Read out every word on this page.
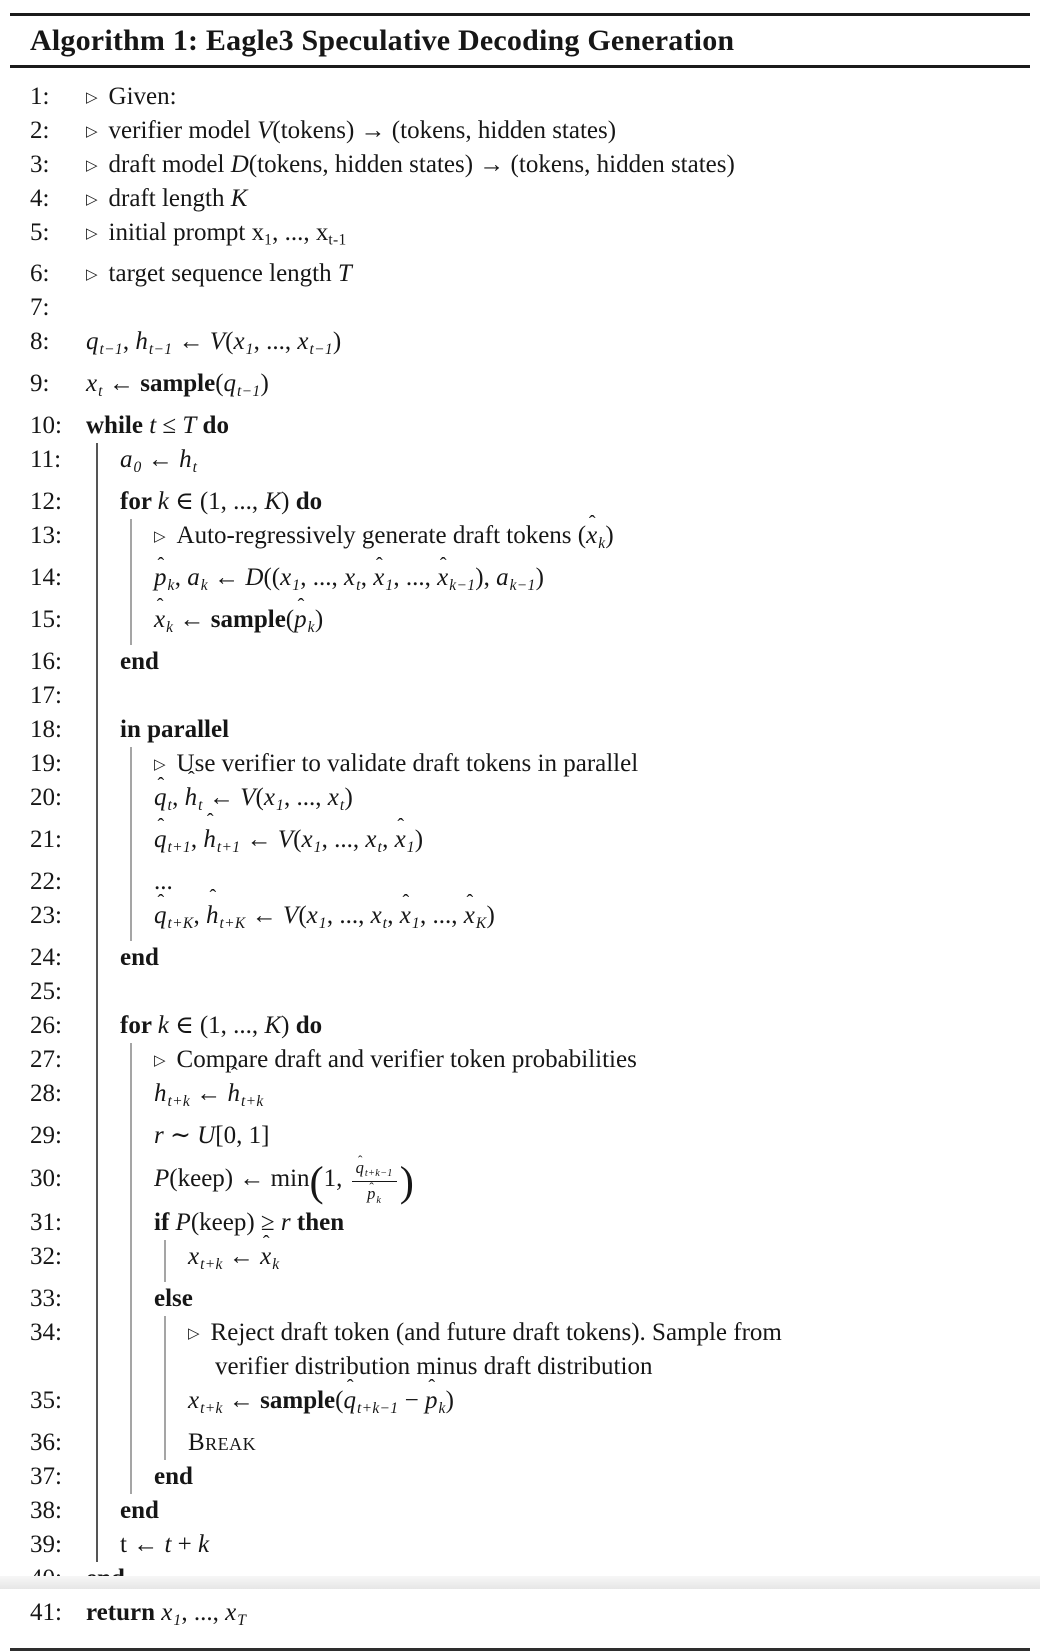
Algorithm 1: Eagle3 Speculative Decoding Generation
1:	▷ Given:
2:	▷ verifier model V(tokens) → (tokens, hidden states)
3:	▷ draft model D(tokens, hidden states) → (tokens, hidden states)
4:	▷ draft length K
5:	▷ initial prompt x1, ..., xt-1
6:	▷ target sequence length T
7:
8:	qt−1, ht−1 ← V(x1, ..., xt−1)
9:	xt ← sample(qt−1)
10: while t ≤ T do
11:	a0 ← ht
12:	for k ∈ (1, ..., K) do
13:	▷ Auto-regressively generate draft tokens (x ˆk)
14:	p ˆk, ak ← D((x1, ..., xt, x ˆ1, ..., x ˆk−1), ak−1)
15:	x ˆk ← sample(p ˆk)
16:	end
17:
18:	in parallel
19:	▷ Use verifier to validate draft tokens in parallel
20:	q ˆt, h ˆt ← V(x1, ..., xt)
21:	q ˆt+1, h ˆt+1 ← V(x1, ..., xt, x ˆ1)
22:	...
23:	q ˆt+K, h ˆt+K ← V(x1, ..., xt, x ˆ1, ..., x ˆK)
24:	end
25:
26:	for k ∈ (1, ..., K) do
27:	▷ Compare draft and verifier token probabilities
28:	ht+k ← h ˆt+k
29:	r ∼ U[0, 1]
30:	P(keep) ← min(1, $\frac{\text{q ˆt+k−1}}{\text{p ˆk}}$ )
31:	if P(keep) ≥ r then
32:	xt+k ← x ˆk
33:	else
34:	▷ Reject draft token (and future draft tokens). Sample from
verifier distribution minus draft distribution
35:	xt+k ← sample(q ˆt+k−1 − p ˆk)
36:	Break
37:	end
38:	end
39:	t ← t + k
41: return x1, ..., xT
